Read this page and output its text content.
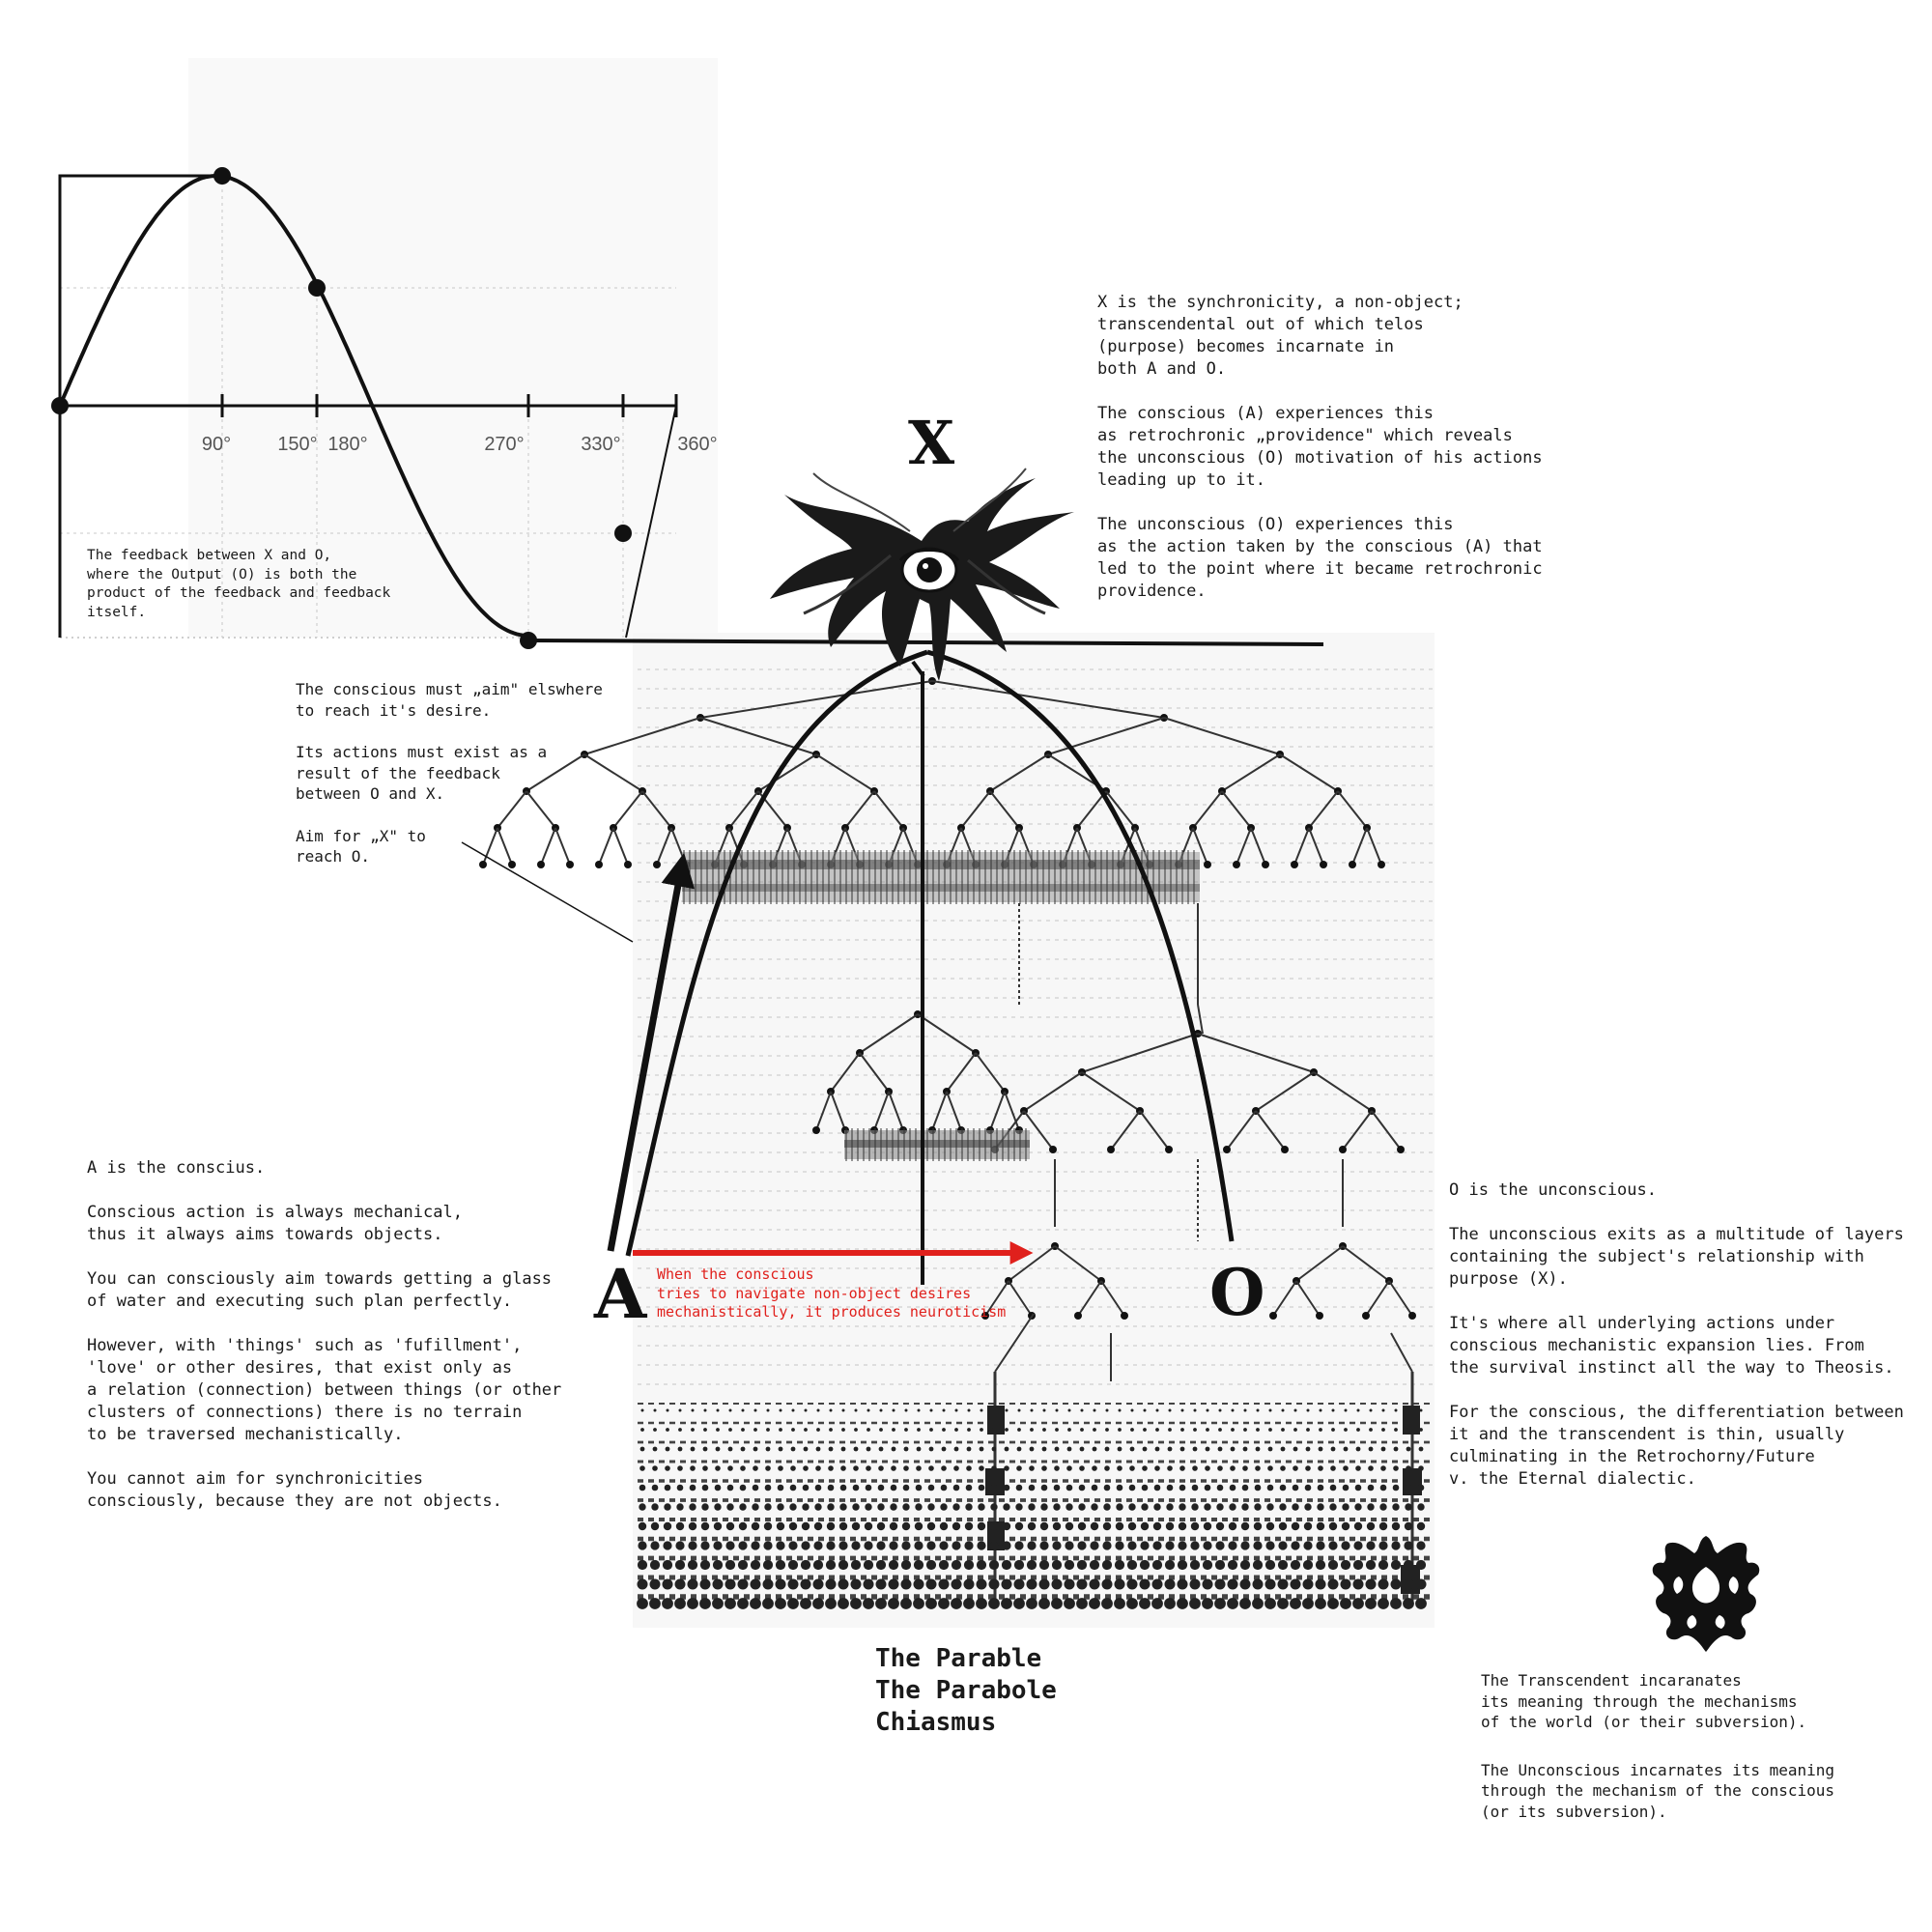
90° 150° 180°	270°	330°	360°
The feedback between X and O,
where the Output (O) is both the
product of the feedback and feedback
itself.
X
A	O

X is the synchronicity, a non-object;
transcendental out of which telos
(purpose) becomes incarnate in
both A and O.

The conscious (A) experiences this
as retrochronic „providence" which reveals
the unconscious (O) motivation of his actions
leading up to it.

The unconscious (O) experiences this
as the action taken by the conscious (A) that
led to the point where it became retrochronic
providence.

The conscious must „aim" elswhere
to reach it's desire.

Its actions must exist as a
result of the feedback
between O and X.

Aim for „X" to
reach O.

A is the conscius.

Conscious action is always mechanical,
thus it always aims towards objects.

You can consciously aim towards getting a glass
of water and executing such plan perfectly.

However, with 'things' such as 'fufillment',
'love' or other desires, that exist only as
a relation (connection) between things (or other
clusters of connections) there is no terrain
to be traversed mechanistically.

You cannot aim for synchronicities
consciously, because they are not objects.

O is the unconscious.

The unconscious exits as a multitude of layers
containing the subject's relationship with
purpose (X).

It's where all underlying actions under
conscious mechanistic expansion lies. From
the survival instinct all the way to Theosis.

For the conscious, the differentiation between
it and the transcendent is thin, usually
culminating in the Retrochorny/Future
v. the Eternal dialectic.

When the conscious
tries to navigate non-object desires
mechanistically, it produces neuroticism
The Parable
The Parabole
Chiasmus

The Transcendent incaranates
its meaning through the mechanisms
of the world (or their subversion).

The Unconscious incarnates its meaning
through the mechanism of the conscious
(or its subversion).
